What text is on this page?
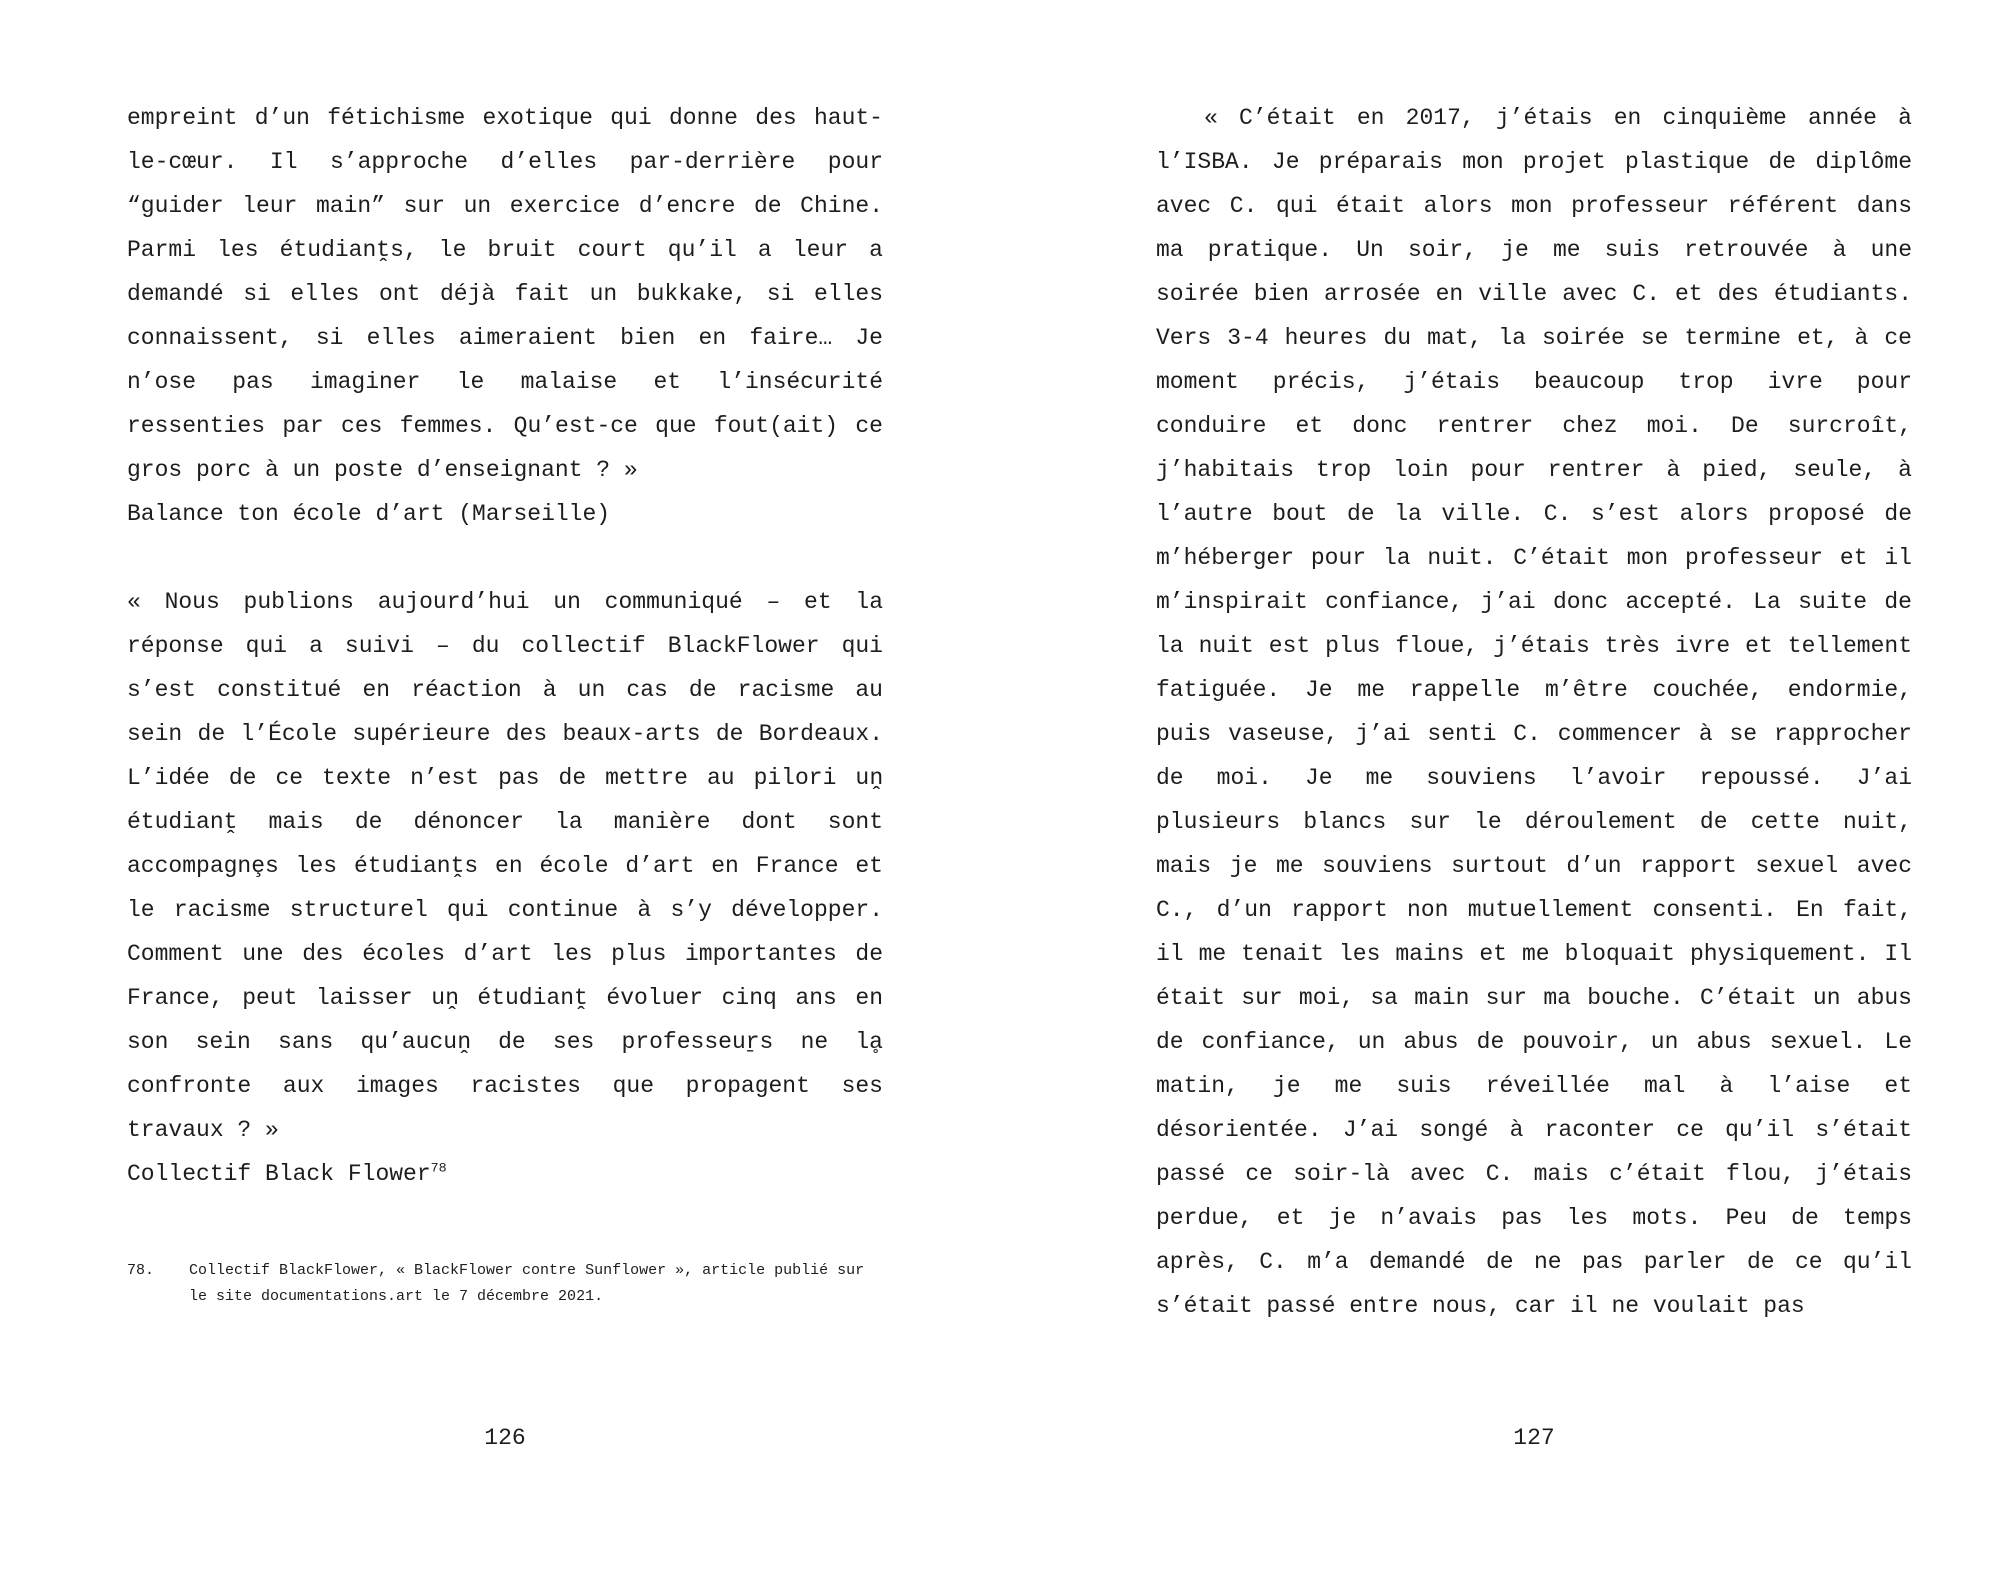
empreint d’un fétichisme exotique qui donne des haut-le-cœur. Il s’approche d’elles par-derrière pour “guider leur main” sur un exercice d’encre de Chine. Parmi les étudianṱs, le bruit court qu’il a leur a demandé si elles ont déjà fait un bukkake, si elles connaissent, si elles aimeraient bien en faire… Je n’ose pas imaginer le malaise et l’insécurité ressenties par ces femmes. Qu’est-ce que fout(ait) ce gros porc à un poste d’enseignant ? »

Balance ton école d’art (Marseille)

« Nous publions aujourd’hui un communiqué – et la réponse qui a suivi – du collectif BlackFlower qui s’est constitué en réaction à un cas de racisme au sein de l’École supérieure des beaux-arts de Bordeaux. L’idée de ce texte n’est pas de mettre au pilori uṋ étudianṱ mais de dénoncer la manière dont sont accompagnȩs les étudianṱs en école d’art en France et le racisme structurel qui continue à s’y développer. Comment une des écoles d’art les plus importantes de France, peut laisser uṋ étudianṱ évoluer cinq ans en son sein sans qu’aucuṋ de ses professeuṟs ne lḁ confronte aux images racistes que propagent ses travaux ? »

Collectif Black Flower$^{78}$

78.	Collectif BlackFlower, « BlackFlower contre Sunflower », article publié sur le site documentations.art le 7 décembre 2021.
126

« C’était en 2017, j’étais en cinquième année à l’ISBA. Je préparais mon projet plastique de diplôme avec C. qui était alors mon professeur référent dans ma pratique. Un soir, je me suis retrouvée à une soirée bien arrosée en ville avec C. et des étudiants. Vers 3-4 heures du mat, la soirée se termine et, à ce moment précis, j’étais beaucoup trop ivre pour conduire et donc rentrer chez moi. De surcroît, j’habitais trop loin pour rentrer à pied, seule, à l’autre bout de la ville. C. s’est alors proposé de m’héberger pour la nuit. C’était mon professeur et il m’inspirait confiance, j’ai donc accepté. La suite de la nuit est plus floue, j’étais très ivre et tellement fatiguée. Je me rappelle m’être couchée, endormie, puis vaseuse, j’ai senti C. commencer à se rapprocher de moi. Je me souviens l’avoir repoussé. J’ai plusieurs blancs sur le déroulement de cette nuit, mais je me souviens surtout d’un rapport sexuel avec C., d’un rapport non mutuellement consenti. En fait, il me tenait les mains et me bloquait physiquement. Il était sur moi, sa main sur ma bouche. C’était un abus de confiance, un abus de pouvoir, un abus sexuel. Le matin, je me suis réveillée mal à l’aise et désorientée. J’ai songé à raconter ce qu’il s’était passé ce soir-là avec C. mais c’était flou, j’étais perdue, et je n’avais pas les mots. Peu de temps après, C. m’a demandé de ne pas parler de ce qu’il s’était passé entre nous, car il ne voulait pas

127
